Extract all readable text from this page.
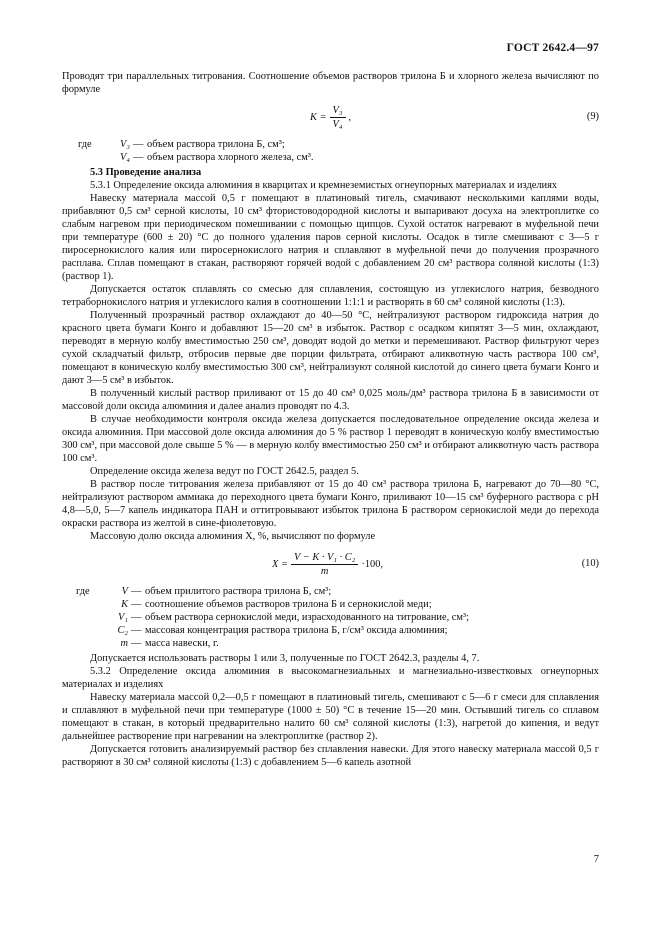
ГОСТ 2642.4—97

Проводят три параллельных титрования. Соотношение объемов растворов трилона Б и хлорного железа вычисляют по формуле

$K = \frac{\text{V₃}}{\text{V₄}}$ ,	(9)
где	V₃ — объем раствора трилона Б, см³;
V₄ — объем раствора хлорного железа, см³.

5.3 Проведение анализа

5.3.1 Определение оксида алюминия в кварцитах и кремнеземистых огнеупорных материалах и изделиях

Навеску материала массой 0,5 г помещают в платиновый тигель, смачивают несколькими каплями воды, прибавляют 0,5 см³ серной кислоты, 10 см³ фтористоводородной кислоты и выпаривают досуха на электроплитке со слабым нагревом при периодическом помешивании с помощью щипцов. Сухой остаток нагревают в муфельной печи при температуре (600 ± 20) °С до полного удаления паров серной кислоты. Осадок в тигле смешивают с 3—5 г пиросернокислого калия или пиросернокислого натрия и сплавляют в муфельной печи до получения прозрачного расплава. Сплав помещают в стакан, растворяют горячей водой с добавлением 20 см³ раствора соляной кислоты (1:3) (раствор 1).

Допускается остаток сплавлять со смесью для сплавления, состоящую из углекислого натрия, безводного тетраборнокислого натрия и углекислого калия в соотношении 1:1:1 и растворять в 60 см³ соляной кислоты (1:3).

Полученный прозрачный раствор охлаждают до 40—50 °С, нейтрализуют раствором гидроксида натрия до красного цвета бумаги Конго и добавляют 15—20 см³ в избыток. Раствор с осадком кипятят 3—5 мин, охлаждают, переводят в мерную колбу вместимостью 250 см³, доводят водой до метки и перемешивают. Раствор фильтруют через сухой складчатый фильтр, отбросив первые две порции фильтрата, отбирают аликвотную часть раствора 100 см³, помещают в коническую колбу вместимостью 300 см³, нейтрализуют соляной кислотой до синего цвета бумаги Конго и дают 3—5 см³ в избыток.

В полученный кислый раствор приливают от 15 до 40 см³ 0,025 моль/дм³ раствора трилона Б в зависимости от массовой доли оксида алюминия и далее анализ проводят по 4.3.

В случае необходимости контроля оксида железа допускается последовательное определение оксида железа и оксида алюминия. При массовой доле оксида алюминия до 5 % раствор 1 переводят в коническую колбу вместимостью 300 см³, при массовой доле свыше 5 % — в мерную колбу вместимостью 250 см³ и отбирают аликвотную часть раствора 100 см³.

Определение оксида железа ведут по ГОСТ 2642.5, раздел 5.

В раствор после титрования железа прибавляют от 15 до 40 см³ раствора трилона Б, нагревают до 70—80 °С, нейтрализуют раствором аммиака до переходного цвета бумаги Конго, приливают 10—15 см³ буферного раствора с рН 4,8—5,0, 5—7 капель индикатора ПАН и оттитровывают избыток трилона Б раствором сернокислой меди до перехода окраски раствора из желтой в сине-фиолетовую.

Массовую долю оксида алюминия X, %, вычисляют по формуле

$X = \frac{\text{V − K · V₁ · C₂}}{m} \cdot 100$,	(10)
где	V — объем прилитого раствора трилона Б, см³;
K — соотношение объемов растворов трилона Б и сернокислой меди;
V₁ — объем раствора сернокислой меди, израсходованного на титрование, см³;
C₂ — массовая концентрация раствора трилона Б, г/см³ оксида алюминия;
m — масса навески, г.

Допускается использовать растворы 1 или 3, полученные по ГОСТ 2642.3, разделы 4, 7.

5.3.2 Определение оксида алюминия в высокомагнезиальных и магнезиально-известковых огнеупорных материалах и изделиях

Навеску материала массой 0,2—0,5 г помещают в платиновый тигель, смешивают с 5—6 г смеси для сплавления и сплавляют в муфельной печи при температуре (1000 ± 50) °С в течение 15—20 мин. Остывший тигель со сплавом помещают в стакан, в который предварительно налито 60 см³ соляной кислоты (1:3), нагретой до кипения, и ведут дальнейшее растворение при нагревании на электроплитке (раствор 2).

Допускается готовить анализируемый раствор без сплавления навески. Для этого навеску материала массой 0,5 г растворяют в 30 см³ соляной кислоты (1:3) с добавлением 5—6 капель азотной

7
